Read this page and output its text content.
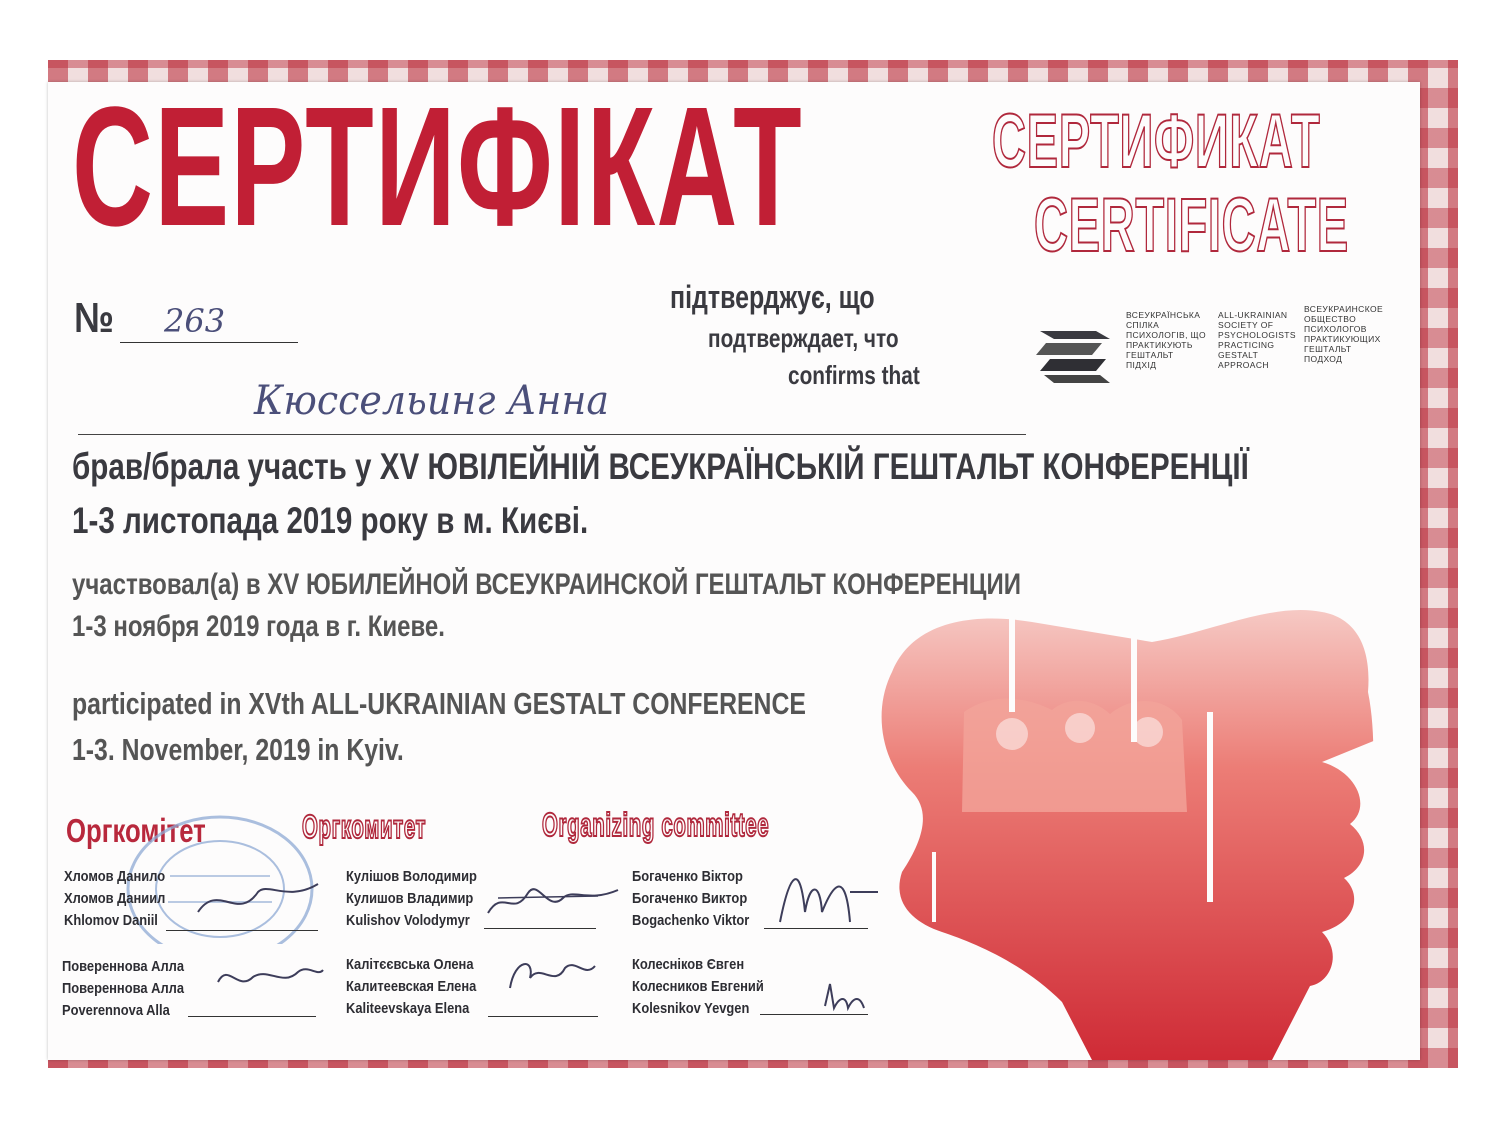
СЕРТИФІКАТ СЕРТИФИКАТ
CERTIFICATE
№ 263
підтверджує, що
подтверждает, что
confirms that
Кюссельинг Анна
ВСЕУКРАЇНСЬКА
СПІЛКА
ПСИХОЛОГІВ, ЩО
ПРАКТИКУЮТЬ
ГЕШТАЛЬТ
ПІДХІД
ALL-UKRAINIAN
SOCIETY OF
PSYCHOLOGISTS
PRACTICING
GESTALT
APPROACH
ВСЕУКРАИНСКОЕ
ОБЩЕСТВО
ПСИХОЛОГОВ
ПРАКТИКУЮЩИХ
ГЕШТАЛЬТ
ПОДХОД
брав/брала участь у XV ЮВІЛЕЙНІЙ ВСЕУКРАЇНСЬКІЙ ГЕШТАЛЬТ КОНФЕРЕНЦІЇ
1-3 листопада 2019 року в м. Києві.
участвовал(а) в XV ЮБИЛЕЙНОЙ ВСЕУКРАИНСКОЙ ГЕШТАЛЬТ КОНФЕРЕНЦИИ
1-3 ноября 2019 года в г. Киеве.
participated in XVth ALL-UKRAINIAN GESTALT CONFERENCE
1-3. November, 2019 in Kyiv.
Оргкомітет	Оргкомитет	Organizing committee
Хломов Данило
Хломов Даниил
Khlomov Daniil
Повереннова Алла
Повереннова Алла
Poverennova Alla
Кулішов Володимир
Кулишов Владимир
Kulishov Volodymyr
Калітєєвська Олена
Калитеевская Елена
Kaliteevskaya Elena
Богаченко Віктор
Богаченко Виктор
Bogachenko Viktor
Колесніков Євген
Колесников Евгений
Kolesnikov Yevgen
